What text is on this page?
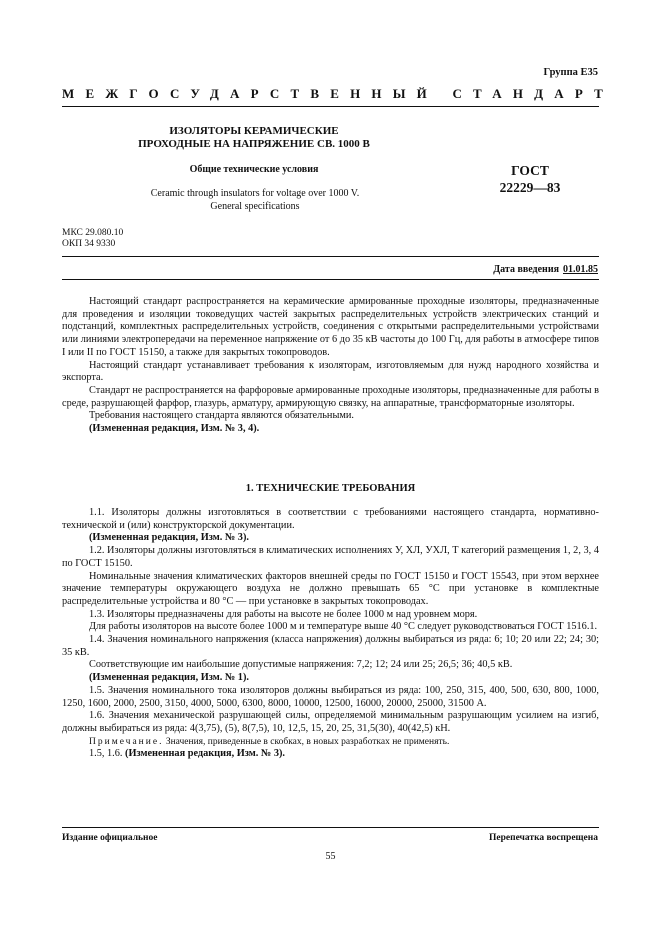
Группа Е35
МЕЖГОСУДАРСТВЕННЫЙ СТАНДАРТ
ИЗОЛЯТОРЫ КЕРАМИЧЕСКИЕ
ПРОХОДНЫЕ НА НАПРЯЖЕНИЕ СВ. 1000 В
ГОСТ
22229—83
Общие технические условия
Ceramic through insulators for voltage over 1000 V.
General specifications
МКС 29.080.10
ОКП 34 9330
Дата введения 01.01.85

Настоящий стандарт распространяется на керамические армированные проходные изоляторы, предназначенные для проведения и изоляции токоведущих частей закрытых распределительных устройств электрических станций и подстанций, комплектных распределительных устройств, соединения с открытыми распределительными устройствами или линиями электропередачи на переменное напряжение от 6 до 35 кВ частоты до 100 Гц, для работы в атмосфере типов I или II по ГОСТ 15150, а также для закрытых токопроводов.

Настоящий стандарт устанавливает требования к изоляторам, изготовляемым для нужд народного хозяйства и экспорта.

Стандарт не распространяется на фарфоровые армированные проходные изоляторы, предназначенные для работы в среде, разрушающей фарфор, глазурь, арматуру, армирующую связку, на аппаратные, трансформаторные изоляторы.

Требования настоящего стандарта являются обязательными.

(Измененная редакция, Изм. № 3, 4).

1. ТЕХНИЧЕСКИЕ ТРЕБОВАНИЯ

1.1. Изоляторы должны изготовляться в соответствии с требованиями настоящего стандарта, нормативно-технической и (или) конструкторской документации.

(Измененная редакция, Изм. № 3).

1.2. Изоляторы должны изготовляться в климатических исполнениях У, ХЛ, УХЛ, Т категорий размещения 1, 2, 3, 4 по ГОСТ 15150.

Номинальные значения климатических факторов внешней среды по ГОСТ 15150 и ГОСТ 15543, при этом верхнее значение температуры окружающего воздуха не должно превышать 65 °С при установке в комплектные распределительные устройства и 80 °С — при установке в закрытых токопроводах.

1.3. Изоляторы предназначены для работы на высоте не более 1000 м над уровнем моря.

Для работы изоляторов на высоте более 1000 м и температуре выше 40 °С следует руководствоваться ГОСТ 1516.1.

1.4. Значения номинального напряжения (класса напряжения) должны выбираться из ряда: 6; 10; 20 или 22; 24; 30; 35 кВ.

Соответствующие им наибольшие допустимые напряжения: 7,2; 12; 24 или 25; 26,5; 36; 40,5 кВ.

(Измененная редакция, Изм. № 1).

1.5. Значения номинального тока изоляторов должны выбираться из ряда: 100, 250, 315, 400, 500, 630, 800, 1000, 1250, 1600, 2000, 2500, 3150, 4000, 5000, 6300, 8000, 10000, 12500, 16000, 20000, 25000, 31500 А.

1.6. Значения механической разрушающей силы, определяемой минимальным разрушающим усилием на изгиб, должны выбираться из ряда: 4(3,75), (5), 8(7,5), 10, 12,5, 15, 20, 25, 31,5(30), 40(42,5) кН.

Примечание. Значения, приведенные в скобках, в новых разработках не применять.

1.5, 1.6. (Измененная редакция, Изм. № 3).

Издание официальное	Перепечатка воспрещена
55
